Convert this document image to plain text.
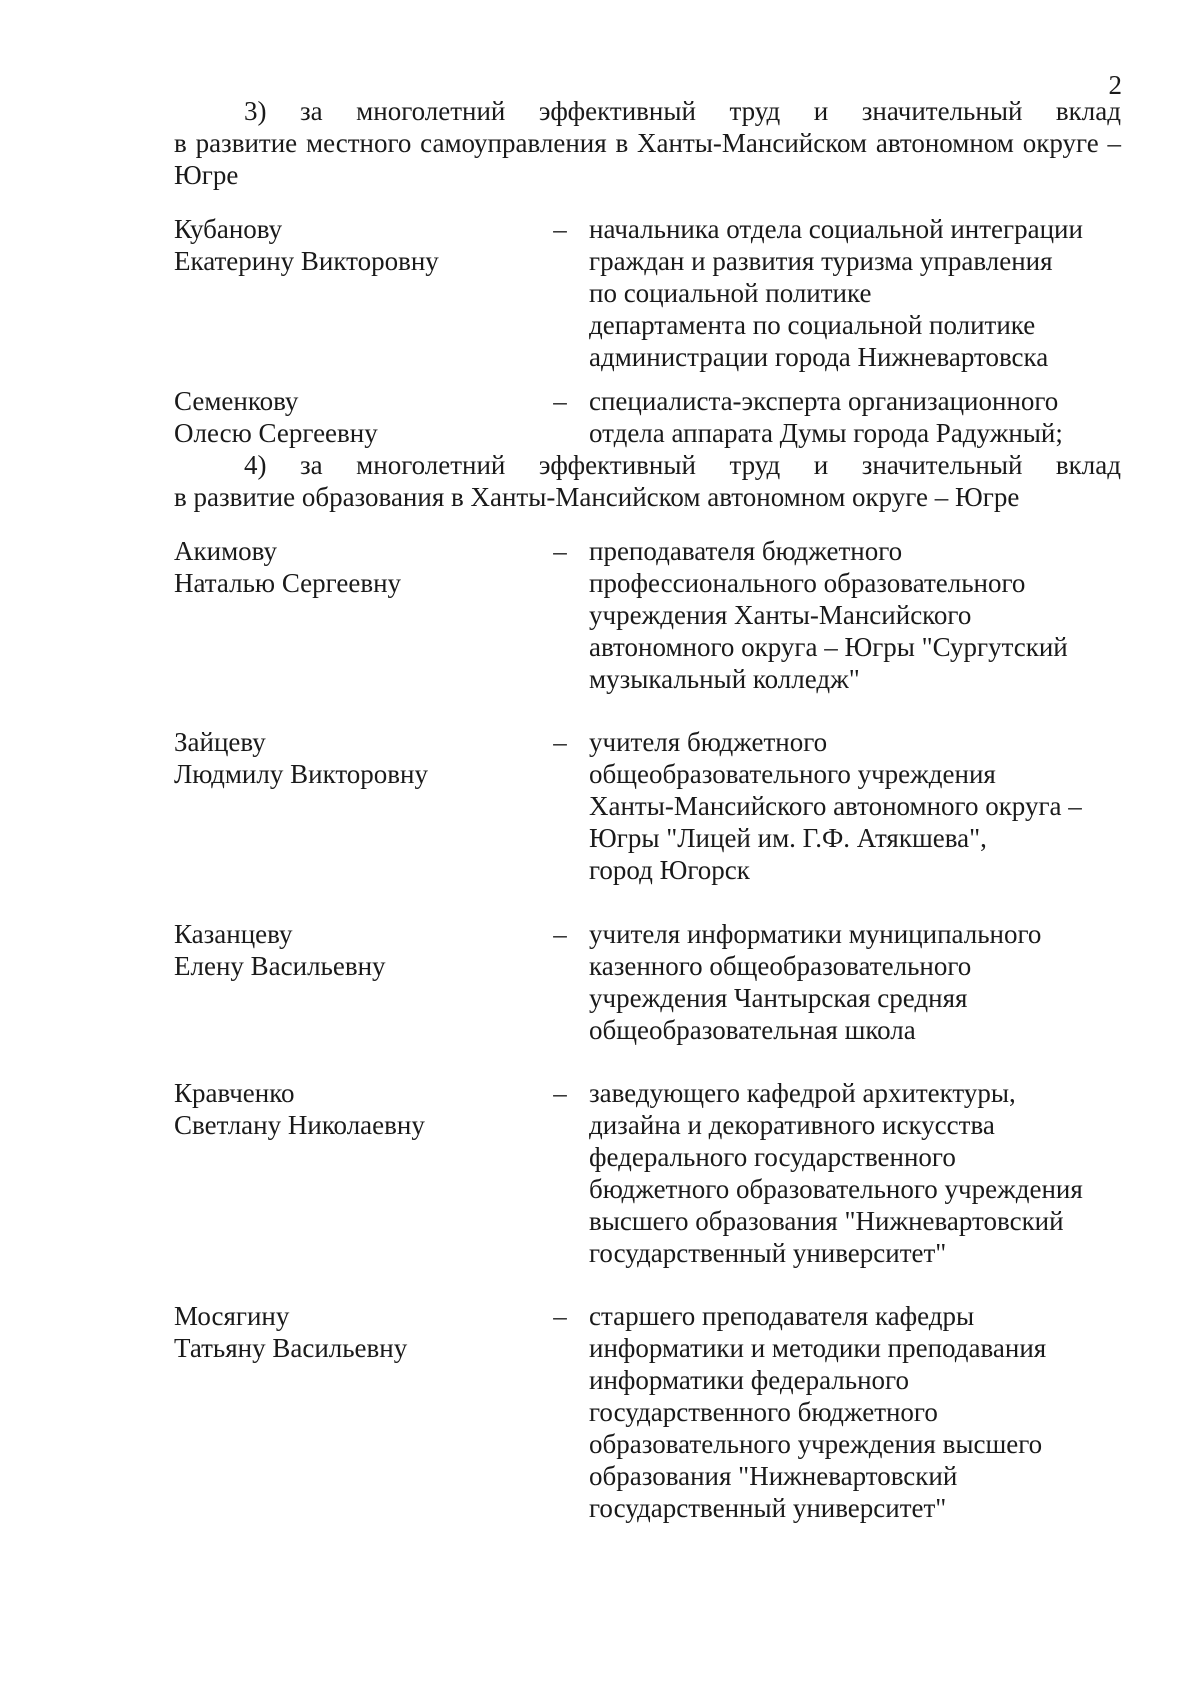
2
3) за многолетний эффективный труд и значительный вклад
в развитие местного самоуправления в Ханты-Мансийском автономном округе – Югре
Кубанову
Екатерину Викторовну
– начальника отдела социальной интеграции
граждан и развития туризма управления
по социальной политике
департамента по социальной политике
администрации города Нижневартовска
Семенкову
Олесю Сергеевну
– специалиста-эксперта организационного
отдела аппарата Думы города Радужный;
4) за многолетний эффективный труд и значительный вклад
в развитие образования в Ханты-Мансийском автономном округе – Югре
Акимову
Наталью Сергеевну
– преподавателя бюджетного
профессионального образовательного
учреждения Ханты-Мансийского
автономного округа – Югры "Сургутский
музыкальный колледж"
Зайцеву
Людмилу Викторовну
– учителя бюджетного
общеобразовательного учреждения
Ханты-Мансийского автономного округа –
Югры "Лицей им. Г.Ф. Атякшева",
город Югорск
Казанцеву
Елену Васильевну
– учителя информатики муниципального
казенного общеобразовательного
учреждения Чантырская средняя
общеобразовательная школа
Кравченко
Светлану Николаевну
– заведующего кафедрой архитектуры,
дизайна и декоративного искусства
федерального государственного
бюджетного образовательного учреждения
высшего образования "Нижневартовский
государственный университет"
Мосягину
Татьяну Васильевну
– старшего преподавателя кафедры
информатики и методики преподавания
информатики федерального
государственного бюджетного
образовательного учреждения высшего
образования "Нижневартовский
государственный университет"
